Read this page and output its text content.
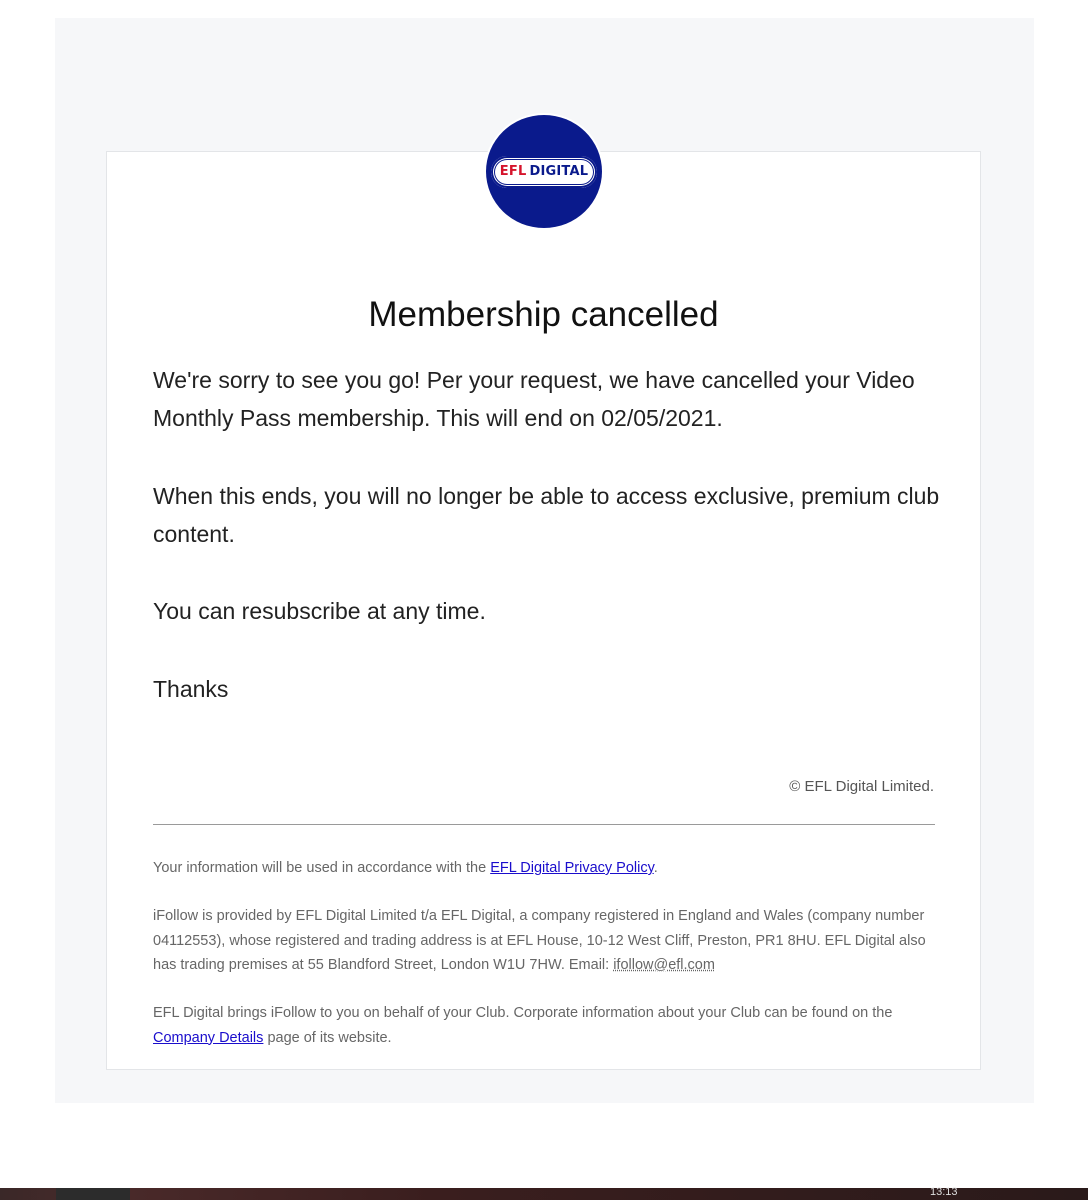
EFL DIGITAL
Membership cancelled

We're sorry to see you go! Per your request, we have cancelled your Video Monthly Pass membership. This will end on 02/05/2021.

When this ends, you will no longer be able to access exclusive, premium club content.

You can resubscribe at any time.

Thanks

© EFL Digital Limited.

Your information will be used in accordance with the EFL Digital Privacy Policy.

iFollow is provided by EFL Digital Limited t/a EFL Digital, a company registered in England and Wales (company number 04112553), whose registered and trading address is at EFL House, 10-12 West Cliff, Preston, PR1 8HU. EFL Digital also has trading premises at 55 Blandford Street, London W1U 7HW. Email: ifollow@efl.com

EFL Digital brings iFollow to you on behalf of your Club. Corporate information about your Club can be found on the Company Details page of its website.

13:13
